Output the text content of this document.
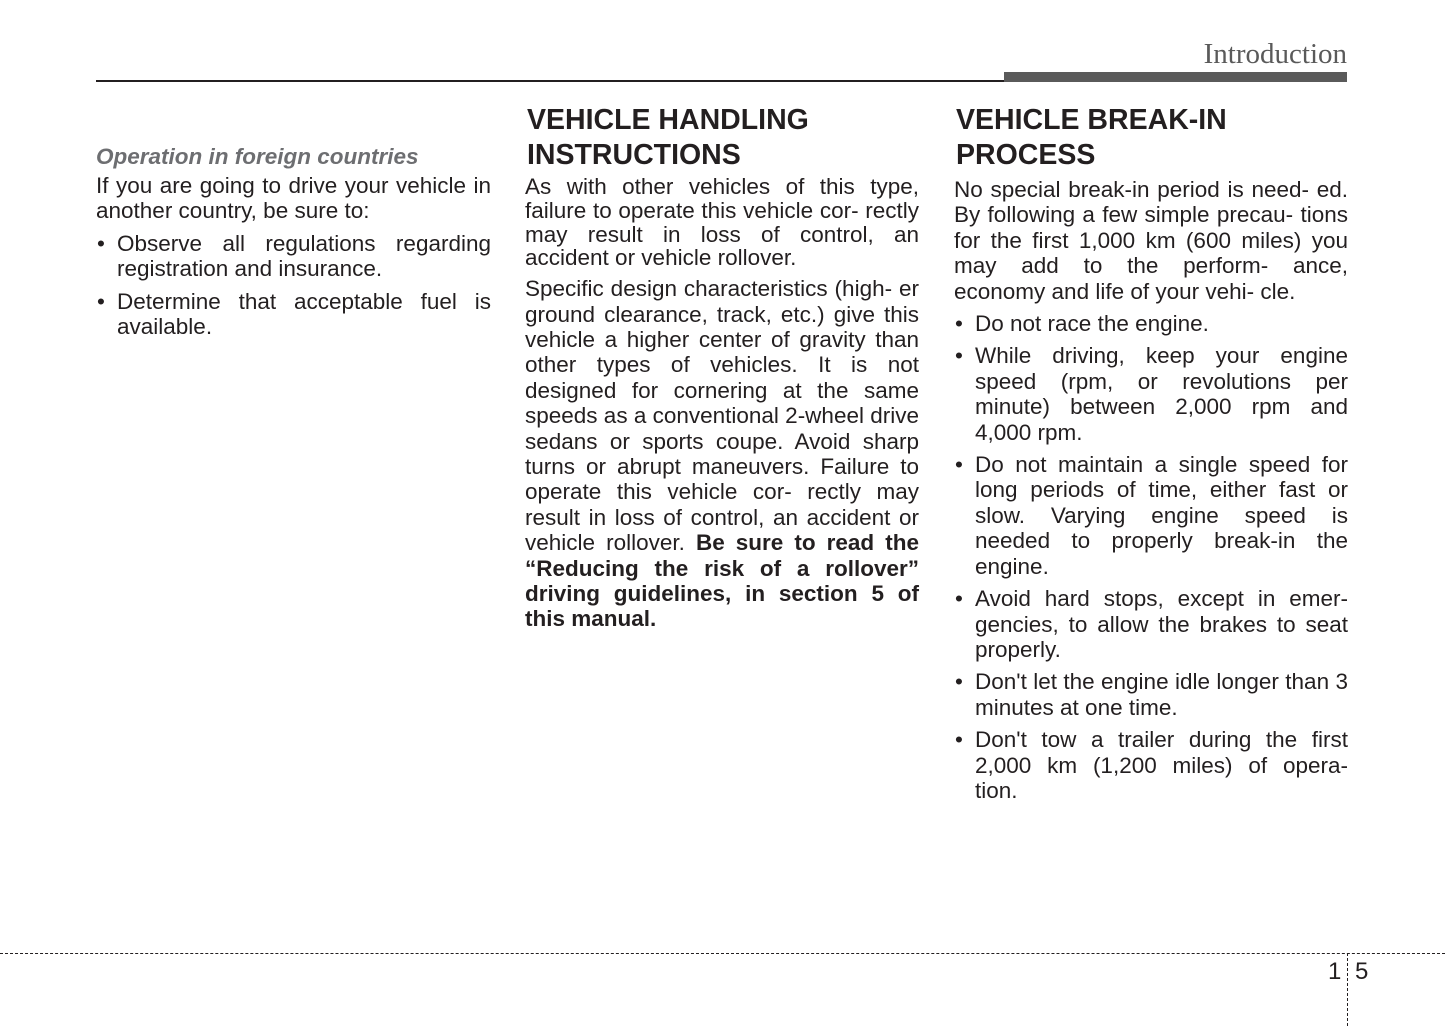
Introduction
Operation in foreign countries

If you are going to drive your vehicle in another country, be sure to:

• Observe all regulations regarding registration and insurance.
• Determine that acceptable fuel is available.
VEHICLE HANDLING
INSTRUCTIONS

As with other vehicles of this type, failure to operate this vehicle cor- rectly may result in loss of control, an accident or vehicle rollover.

Specific design characteristics (high- er ground clearance, track, etc.) give this vehicle a higher center of gravity than other types of vehicles. It is not designed for cornering at the same speeds as a conventional 2-wheel drive sedans or sports coupe. Avoid sharp turns or abrupt maneuvers. Failure to operate this vehicle cor- rectly may result in loss of control, an accident or vehicle rollover. Be sure to read the “Reducing the risk of a rollover” driving guidelines, in section 5 of this manual.

VEHICLE BREAK-IN
PROCESS

No special break-in period is need- ed. By following a few simple precau- tions for the first 1,000 km (600 miles) you may add to the perform- ance, economy and life of your vehi- cle.

• Do not race the engine.
• While driving, keep your engine speed (rpm, or revolutions per minute) between 2,000 rpm and 4,000 rpm.
• Do not maintain a single speed for long periods of time, either fast or slow. Varying engine speed is needed to properly break-in the engine.
• Avoid hard stops, except in emer- gencies, to allow the brakes to seat properly.
• Don't let the engine idle longer than 3 minutes at one time.
• Don't tow a trailer during the first 2,000 km (1,200 miles) of opera- tion.
1 5
